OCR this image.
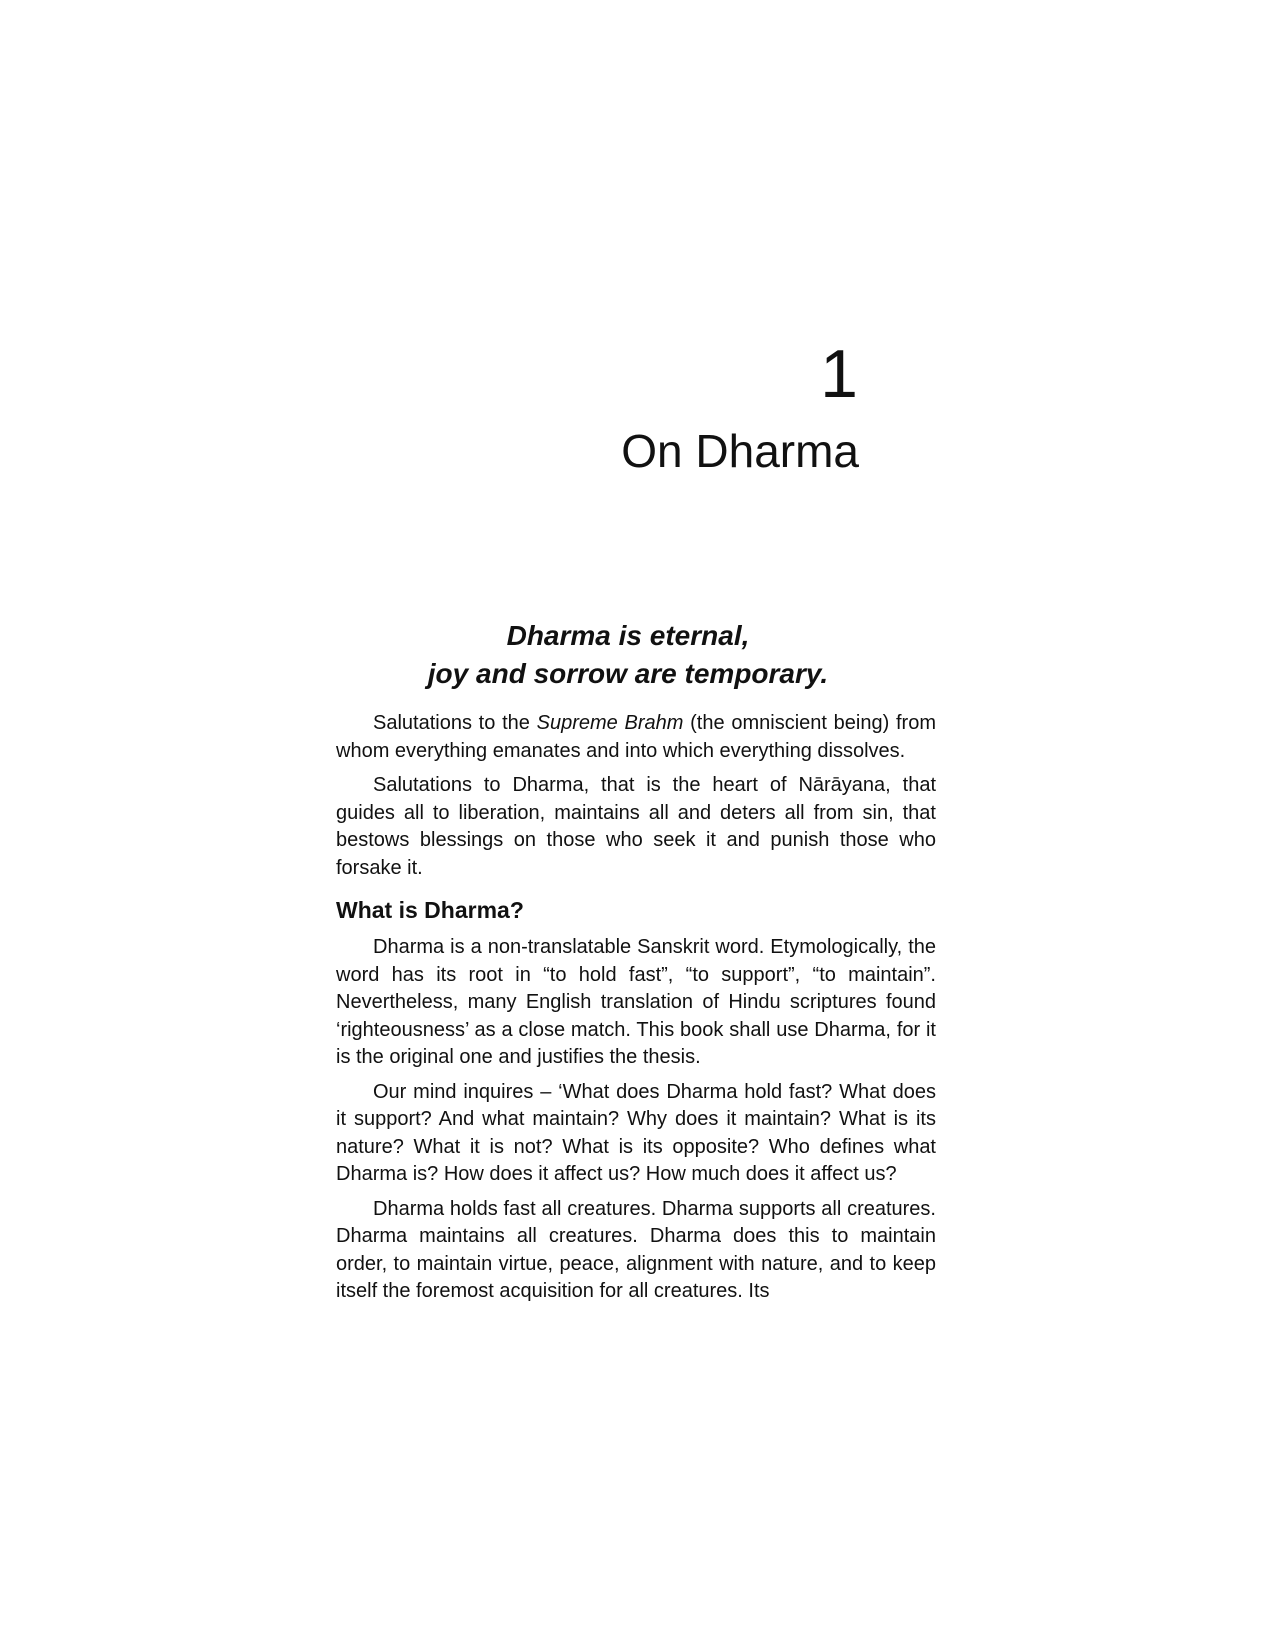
1
On Dharma
Dharma is eternal,
joy and sorrow are temporary.

Salutations to the Supreme Brahm (the omniscient being) from whom everything emanates and into which everything dissolves.

Salutations to Dharma, that is the heart of Nārāyana, that guides all to liberation, maintains all and deters all from sin, that bestows blessings on those who seek it and punish those who forsake it.

What is Dharma?

Dharma is a non-translatable Sanskrit word. Etymologically, the word has its root in “to hold fast”, “to support”, “to maintain”. Nevertheless, many English translation of Hindu scriptures found ‘righteousness’ as a close match. This book shall use Dharma, for it is the original one and justifies the thesis.

Our mind inquires – ‘What does Dharma hold fast? What does it support? And what maintain? Why does it maintain? What is its nature? What it is not? What is its opposite? Who defines what Dharma is? How does it affect us? How much does it affect us?

Dharma holds fast all creatures. Dharma supports all creatures. Dharma maintains all creatures. Dharma does this to maintain order, to maintain virtue, peace, alignment with nature, and to keep itself the foremost acquisition for all creatures. Its
